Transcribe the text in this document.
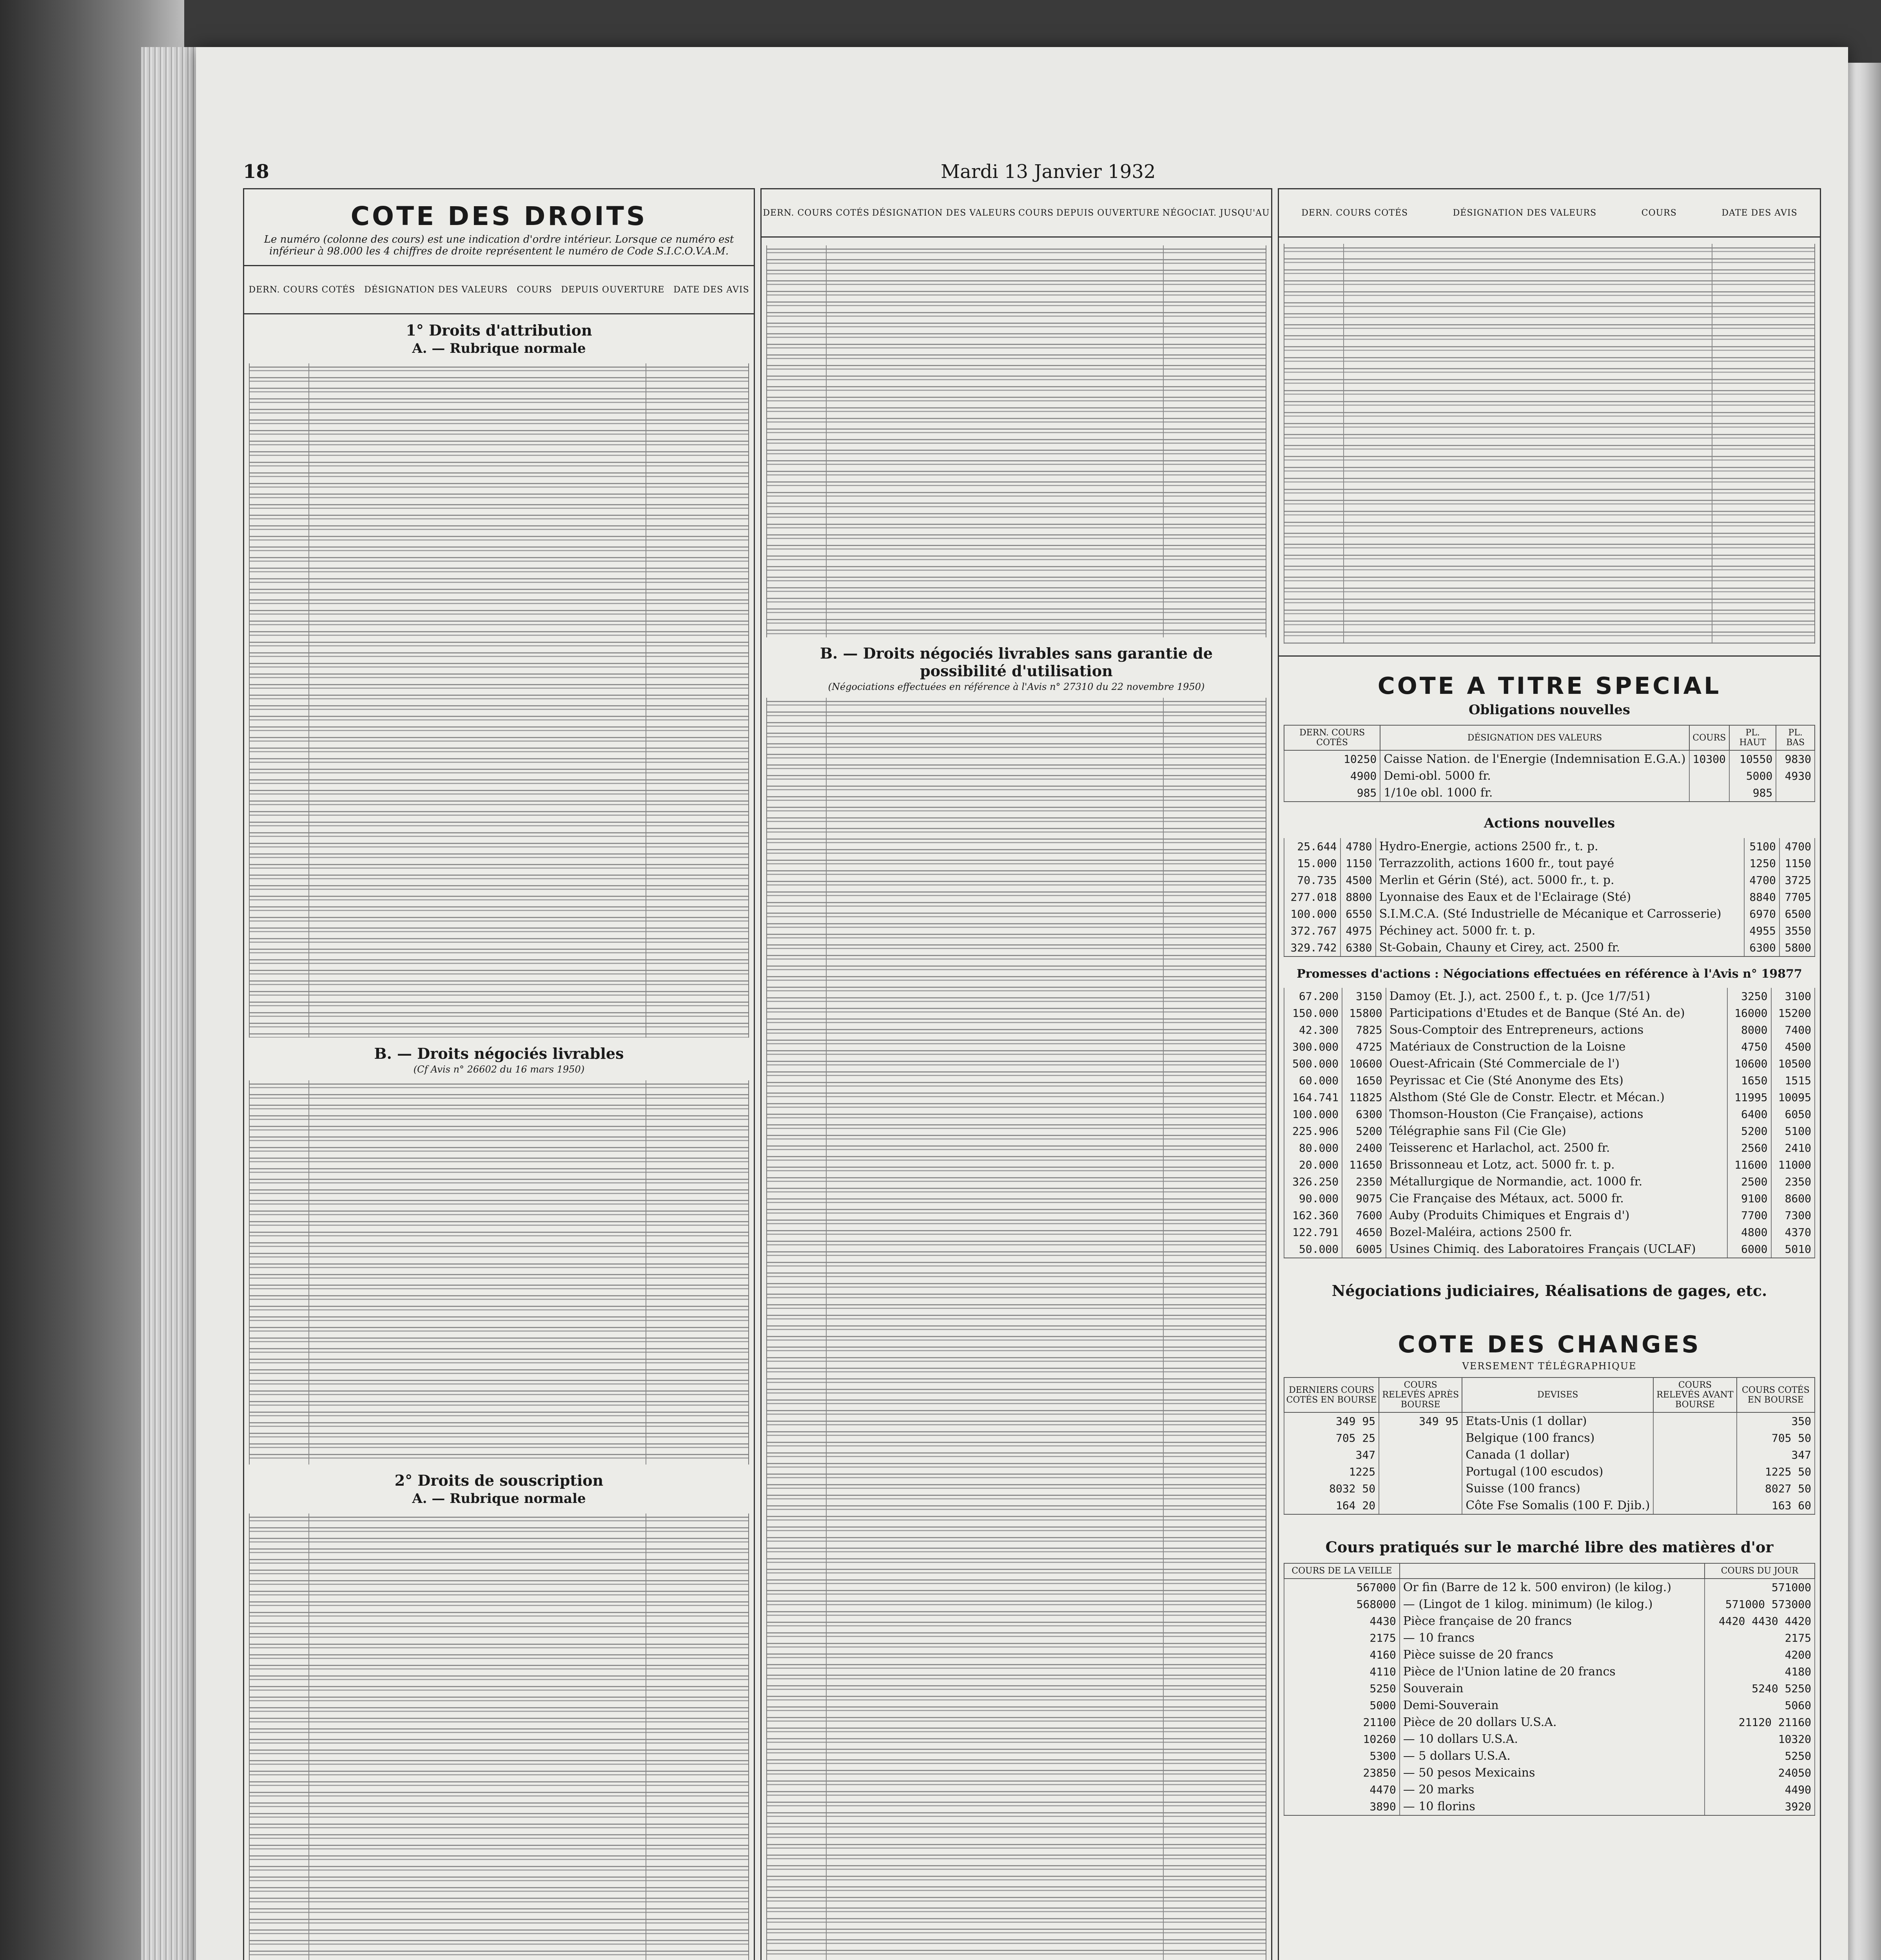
18	Mardi 13 Janvier 1932
COTE DES DROITS
Le numéro (colonne des cours) est une indication d'ordre intérieur. Lorsque ce numéro est inférieur à 98.000 les 4 chiffres de droite représentent le numéro de Code S.I.C.O.V.A.M.
DERN. COURS COTÉS DÉSIGNATION DES VALEURS COURS DEPUIS OUVERTURE DATE DES AVIS
1° Droits d'attribution
A. — Rubrique normale
B. — Droits négociés livrables
(Cf Avis n° 26602 du 16 mars 1950)
2° Droits de souscription
A. — Rubrique normale
DERN. COURS COTÉS DÉSIGNATION DES VALEURS COURS DEPUIS OUVERTURE NÉGOCIAT. JUSQU'AU
B. — Droits négociés livrables sans garantie de possibilité d'utilisation
(Négociations effectuées en référence à l'Avis n° 27310 du 22 novembre 1950)
DERN. COURS COTÉS	DÉSIGNATION DES VALEURS	COURS	DATE DES AVIS
COTE A TITRE SPECIAL
Obligations nouvelles
DERN. COURS COTÉS	DÉSIGNATION DES VALEURS	COURS	PL. HAUT	PL. BAS
10250	Caisse Nation. de l'Energie (Indemnisation E.G.A.)	10300	10550	9830
4900	Demi-obl. 5000 fr.		5000	4930
985	1/10e obl. 1000 fr.		985	
Actions nouvelles
25.644	4780	Hydro-Energie, actions 2500 fr., t. p.	5100	4700
15.000	1150	Terrazzolith, actions 1600 fr., tout payé	1250	1150
70.735	4500	Merlin et Gérin (Sté), act. 5000 fr., t. p.	4700	3725
277.018	8800	Lyonnaise des Eaux et de l'Eclairage (Sté)	8840	7705
100.000	6550	S.I.M.C.A. (Sté Industrielle de Mécanique et Carrosserie)	6970	6500
372.767	4975	Péchiney act. 5000 fr. t. p.	4955	3550
329.742	6380	St-Gobain, Chauny et Cirey, act. 2500 fr.	6300	5800
Promesses d'actions : Négociations effectuées en référence à l'Avis n° 19877
67.200	3150	Damoy (Et. J.), act. 2500 f., t. p. (Jce 1/7/51)	3250	3100
150.000	15800	Participations d'Etudes et de Banque (Sté An. de)	16000	15200
42.300	7825	Sous-Comptoir des Entrepreneurs, actions	8000	7400
300.000	4725	Matériaux de Construction de la Loisne	4750	4500
500.000	10600	Ouest-Africain (Sté Commerciale de l')	10600	10500
60.000	1650	Peyrissac et Cie (Sté Anonyme des Ets)	1650	1515
164.741	11825	Alsthom (Sté Gle de Constr. Electr. et Mécan.)	11995	10095
100.000	6300	Thomson-Houston (Cie Française), actions	6400	6050
225.906	5200	Télégraphie sans Fil (Cie Gle)	5200	5100
80.000	2400	Teisserenc et Harlachol, act. 2500 fr.	2560	2410
20.000	11650	Brissonneau et Lotz, act. 5000 fr. t. p.	11600	11000
326.250	2350	Métallurgique de Normandie, act. 1000 fr.	2500	2350
90.000	9075	Cie Française des Métaux, act. 5000 fr.	9100	8600
162.360	7600	Auby (Produits Chimiques et Engrais d')	7700	7300
122.791	4650	Bozel-Maléira, actions 2500 fr.	4800	4370
50.000	6005	Usines Chimiq. des Laboratoires Français (UCLAF)	6000	5010
Négociations judiciaires, Réalisations de gages, etc.
COTE DES CHANGES
VERSEMENT TÉLÉGRAPHIQUE
DERNIERS COURS COTÉS EN BOURSE	COURS RELEVÉS APRÈS BOURSE	DEVISES	COURS RELEVÉS AVANT BOURSE	COURS COTÉS EN BOURSE
349 95	349 95	Etats-Unis (1 dollar)		350
705 25		Belgique (100 francs)		705 50
347		Canada (1 dollar)		347
1225		Portugal (100 escudos)		1225 50
8032 50		Suisse (100 francs)		8027 50
164 20		Côte Fse Somalis (100 F. Djib.)		163 60
Cours pratiqués sur le marché libre des matières d'or
COURS DE LA VEILLE		COURS DU JOUR
567000	Or fin (Barre de 12 k. 500 environ) (le kilog.)	571000
568000	— (Lingot de 1 kilog. minimum) (le kilog.)	571000 573000
4430	Pièce française de 20 francs	4420 4430 4420
2175	— 10 francs	2175
4160	Pièce suisse de 20 francs	4200
4110	Pièce de l'Union latine de 20 francs	4180
5250	Souverain	5240 5250
5000	Demi-Souverain	5060
21100	Pièce de 20 dollars U.S.A.	21120 21160
10260	— 10 dollars U.S.A.	10320
5300	— 5 dollars U.S.A.	5250
23850	— 50 pesos Mexicains	24050
4470	— 20 marks	4490
3890	— 10 florins	3920
